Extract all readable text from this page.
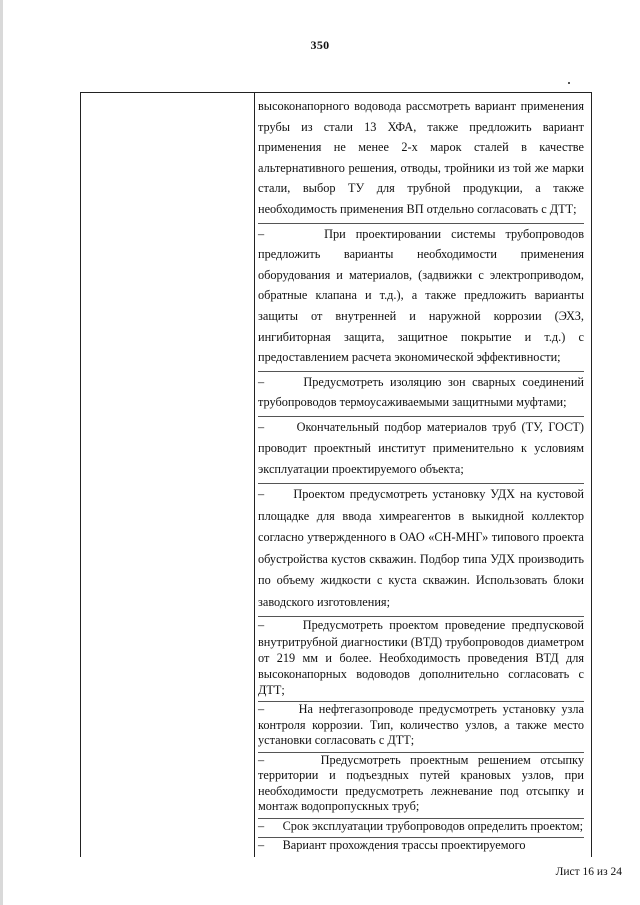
350

высоконапорного водовода рассмотреть вариант применения трубы из стали 13 ХФА, также предложить вариант применения не менее 2-х марок сталей в качестве альтернативного решения, отводы, тройники из той же марки стали, выбор ТУ для трубной продукции, а также необходимость применения ВП отдельно согласовать с ДТТ;

–      При проектировании системы трубопроводов предложить варианты необходимости применения оборудования и материалов, (задвижки с электроприводом, обратные клапана и т.д.), а также предложить варианты защиты от внутренней и наружной коррозии (ЭХЗ, ингибиторная защита, защитное покрытие и т.д.) с предоставлением расчета экономической эффективности;

–      Предусмотреть изоляцию зон сварных соединений трубопроводов термоусаживаемыми защитными муфтами;

–      Окончательный подбор материалов труб (ТУ, ГОСТ) проводит проектный институт применительно к условиям эксплуатации проектируемого объекта;

–      Проектом предусмотреть установку УДХ на кустовой площадке для ввода химреагентов в выкидной коллектор согласно утвержденного в ОАО «СН-МНГ» типового проекта обустройства кустов скважин. Подбор типа УДХ производить по объему жидкости с куста скважин. Использовать блоки заводского изготовления;

–      Предусмотреть проектом проведение предпусковой внутритрубной диагностики (ВТД) трубопроводов диаметром от 219 мм и более. Необходимость проведения ВТД для высоконапорных водоводов дополнительно согласовать с ДТТ;

–      На нефтегазопроводе предусмотреть установку узла контроля коррозии. Тип, количество узлов, а также место установки согласовать с ДТТ;

–      Предусмотреть проектным решением отсыпку территории и подъездных путей крановых узлов, при необходимости предусмотреть лежневание под отсыпку и монтаж водопропускных труб;

–      Срок эксплуатации трубопроводов определить проектом;

–      Вариант прохождения трассы проектируемого

Лист 16 из 24
